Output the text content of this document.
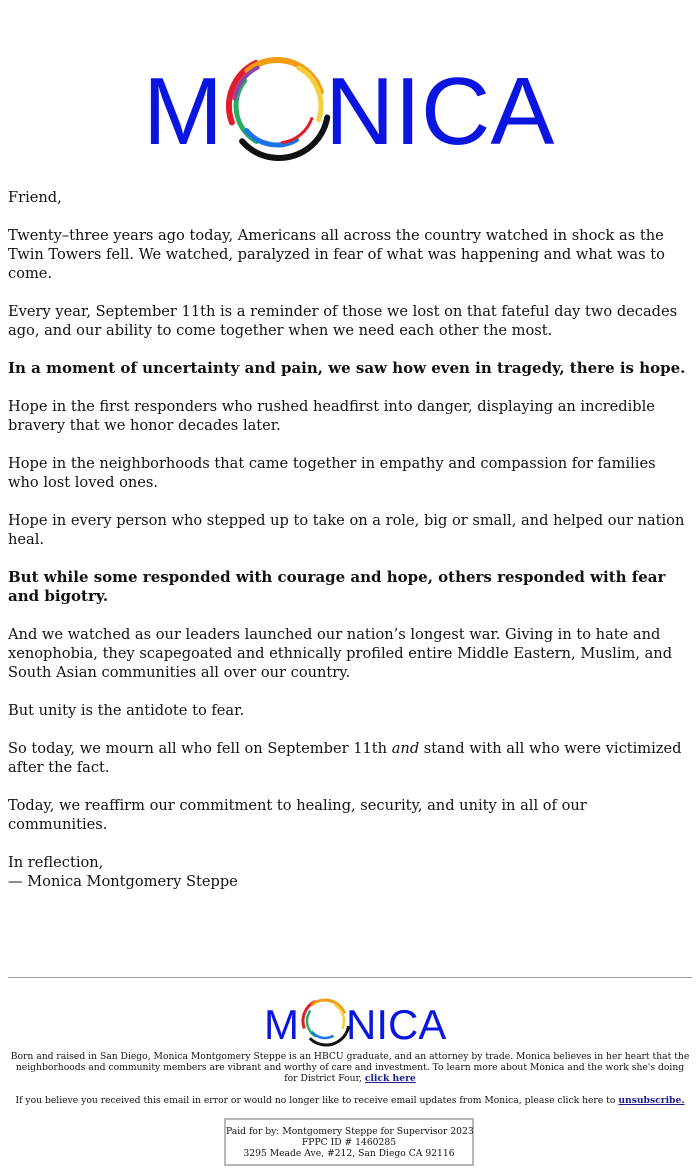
M NICA

Friend,

Twenty–three years ago today, Americans all across the country watched in shock as the Twin Towers fell. We watched, paralyzed in fear of what was happening and what was to come.

Every year, September 11th is a reminder of those we lost on that fateful day two decades ago, and our ability to come together when we need each other the most.

In a moment of uncertainty and pain, we saw how even in tragedy, there is hope.

Hope in the first responders who rushed headfirst into danger, displaying an incredible bravery that we honor decades later.

Hope in the neighborhoods that came together in empathy and compassion for families who lost loved ones.

Hope in every person who stepped up to take on a role, big or small, and helped our nation heal.

But while some responded with courage and hope, others responded with fear and bigotry.

And we watched as our leaders launched our nation’s longest war. Giving in to hate and xenophobia, they scapegoated and ethnically profiled entire Middle Eastern, Muslim, and South Asian communities all over our country.

But unity is the antidote to fear.

So today, we mourn all who fell on September 11th and stand with all who were victimized after the fact.

Today, we reaffirm our commitment to healing, security, and unity in all of our communities.

In reflection,

— Monica Montgomery Steppe

M NICA
Born and raised in San Diego, Monica Montgomery Steppe is an HBCU graduate, and an attorney by trade. Monica believes in her heart that the neighborhoods and community members are vibrant and worthy of care and investment. To learn more about Monica and the work she's doing for District Four, click here
If you believe you received this email in error or would no longer like to receive email updates from Monica, please click here to unsubscribe.
Paid for by: Montgomery Steppe for Supervisor 2023
FPPC ID # 1460285
3295 Meade Ave, #212, San Diego CA 92116
